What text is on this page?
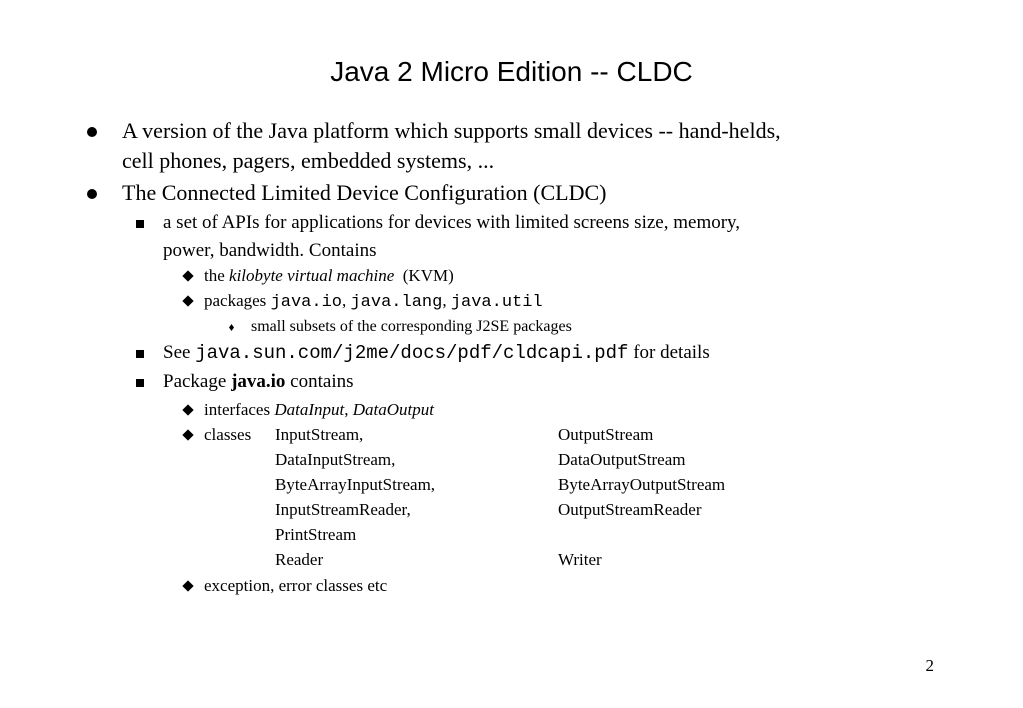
Java 2 Micro Edition -- CLDC
A version of the Java platform which supports small devices -- hand-helds,
cell phones, pagers, embedded systems, ...
The Connected Limited Device Configuration (CLDC)
a set of APIs for applications for devices with limited screens size, memory,
power, bandwidth. Contains
the kilobyte virtual machine  (KVM)
packages java.io, java.lang, java.util
small subsets of the corresponding J2SE packages
See java.sun.com/j2me/docs/pdf/cldcapi.pdf for details
Package java.io contains
interfaces DataInput, DataOutput
classes InputStream,
DataInputStream,
ByteArrayInputStream,
InputStreamReader,
PrintStream
Reader
OutputStream
DataOutputStream
ByteArrayOutputStream
OutputStreamReader
Writer
exception, error classes etc
2
